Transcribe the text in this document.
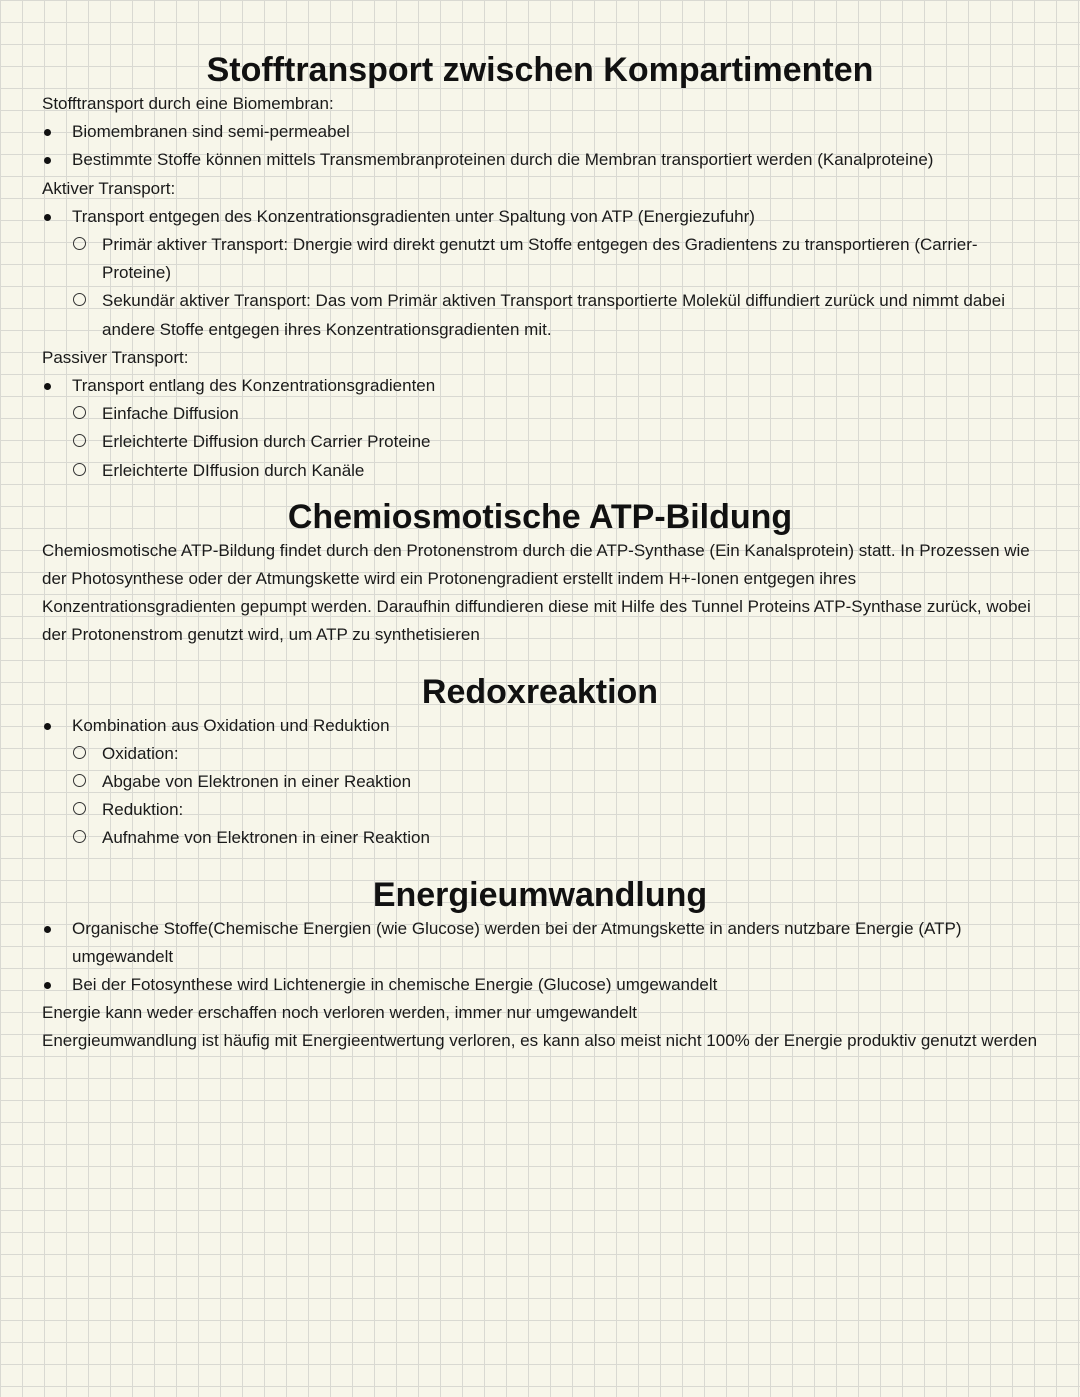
Stofftransport zwischen Kompartimenten

Stofftransport durch eine Biomembran:

Biomembranen sind semi-permeabel

Bestimmte Stoffe können mittels Transmembranproteinen durch die Membran transportiert werden (Kanalproteine)

Aktiver Transport:

Transport entgegen des Konzentrationsgradienten unter Spaltung von ATP (Energiezufuhr)

Primär aktiver Transport: Dnergie wird direkt genutzt um Stoffe entgegen des Gradientens zu transportieren (Carrier-Proteine)

Sekundär aktiver Transport: Das vom Primär aktiven Transport transportierte Molekül diffundiert zurück und nimmt dabei andere Stoffe entgegen ihres Konzentrationsgradienten mit.

Passiver Transport:

Transport entlang des Konzentrationsgradienten

Einfache Diffusion

Erleichterte Diffusion durch Carrier Proteine

Erleichterte DIffusion durch Kanäle

Chemiosmotische ATP-Bildung

Chemiosmotische ATP-Bildung findet durch den Protonenstrom durch die ATP-Synthase (Ein Kanalsprotein) statt. In Prozessen wie der Photosynthese oder der Atmungskette wird ein Protonengradient erstellt indem H+-Ionen entgegen ihres Konzentrationsgradienten gepumpt werden. Daraufhin diffundieren diese mit Hilfe des Tunnel Proteins ATP-Synthase zurück, wobei der Protonenstrom genutzt wird, um ATP zu synthetisieren

Redoxreaktion

Kombination aus Oxidation und Reduktion

Oxidation:

Abgabe von Elektronen in einer Reaktion

Reduktion:

Aufnahme von Elektronen in einer Reaktion

Energieumwandlung

Organische Stoffe(Chemische Energien (wie Glucose) werden bei der Atmungskette in anders nutzbare Energie (ATP) umgewandelt

Bei der Fotosynthese wird Lichtenergie in chemische Energie (Glucose) umgewandelt

Energie kann weder erschaffen noch verloren werden, immer nur umgewandelt

Energieumwandlung ist häufig mit Energieentwertung verloren, es kann also meist nicht 100% der Energie produktiv genutzt werden
